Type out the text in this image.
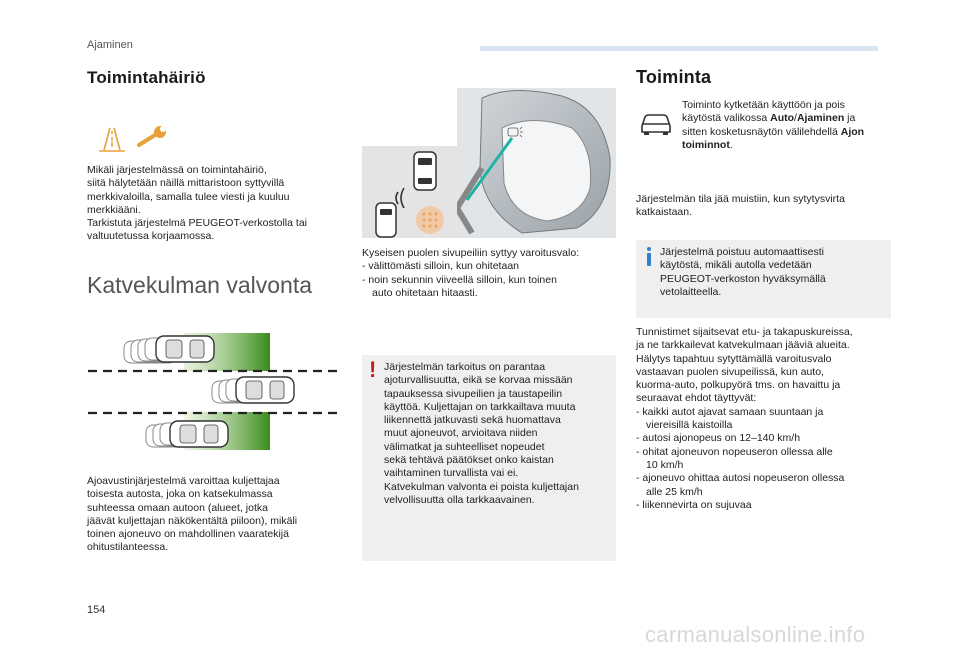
Ajaminen
Toimintahäiriö
!
Mikäli järjestelmässä on toimintahäiriö,
siitä hälytetään näillä mittaristoon syttyvillä
merkkivaloilla, samalla tulee viesti ja kuuluu
merkkiääni.
Tarkistuta järjestelmä PEUGEOT-verkostolla tai
valtuutetussa korjaamossa.
Katvekulman valvonta
Ajoavustinjärjestelmä varoittaa kuljettajaa
toisesta autosta, joka on katsekulmassa
suhteessa omaan autoon (alueet, jotka
jäävät kuljettajan näkökentältä piiloon), mikäli
toinen ajoneuvo on mahdollinen vaaratekijä
ohitustilanteessa.
Kyseisen puolen sivupeiliin syttyy varoitusvalo:
- välittömästi silloin, kun ohitetaan
- noin sekunnin viiveellä silloin, kun toinen
auto ohitetaan hitaasti.
! Järjestelmän tarkoitus on parantaa
ajoturvallisuutta, eikä se korvaa missään
tapauksessa sivupeilien ja taustapeilin
käyttöä. Kuljettajan on tarkkailtava muuta
liikennettä jatkuvasti sekä huomattava
muut ajoneuvot, arvioitava niiden
välimatkat ja suhteelliset nopeudet
sekä tehtävä päätökset onko kaistan
vaihtaminen turvallista vai ei.
Katvekulman valvonta ei poista kuljettajan
velvollisuutta olla tarkkaavainen.
Toiminta
Toiminto kytketään käyttöön ja pois
käytöstä valikossa Auto/Ajaminen ja
sitten kosketusnäytön välilehdellä Ajon
toiminnot.
Järjestelmän tila jää muistiin, kun sytytysvirta
katkaistaan.
Järjestelmä poistuu automaattisesti
käytöstä, mikäli autolla vedetään
PEUGEOT-verkoston hyväksymällä
vetolaitteella.
Tunnistimet sijaitsevat etu- ja takapuskureissa,
ja ne tarkkailevat katvekulmaan jääviä alueita.
Hälytys tapahtuu sytyttämällä varoitusvalo
vastaavan puolen sivupeilissä, kun auto,
kuorma-auto, polkupyörä tms. on havaittu ja
seuraavat ehdot täyttyvät:
- kaikki autot ajavat samaan suuntaan ja
viereisillä kaistoilla
- autosi ajonopeus on 12–140 km/h
- ohitat ajoneuvon nopeuseron ollessa alle
10 km/h
- ajoneuvo ohittaa autosi nopeuseron ollessa
alle 25 km/h
- liikennevirta on sujuvaa
154
carmanualsonline.info
